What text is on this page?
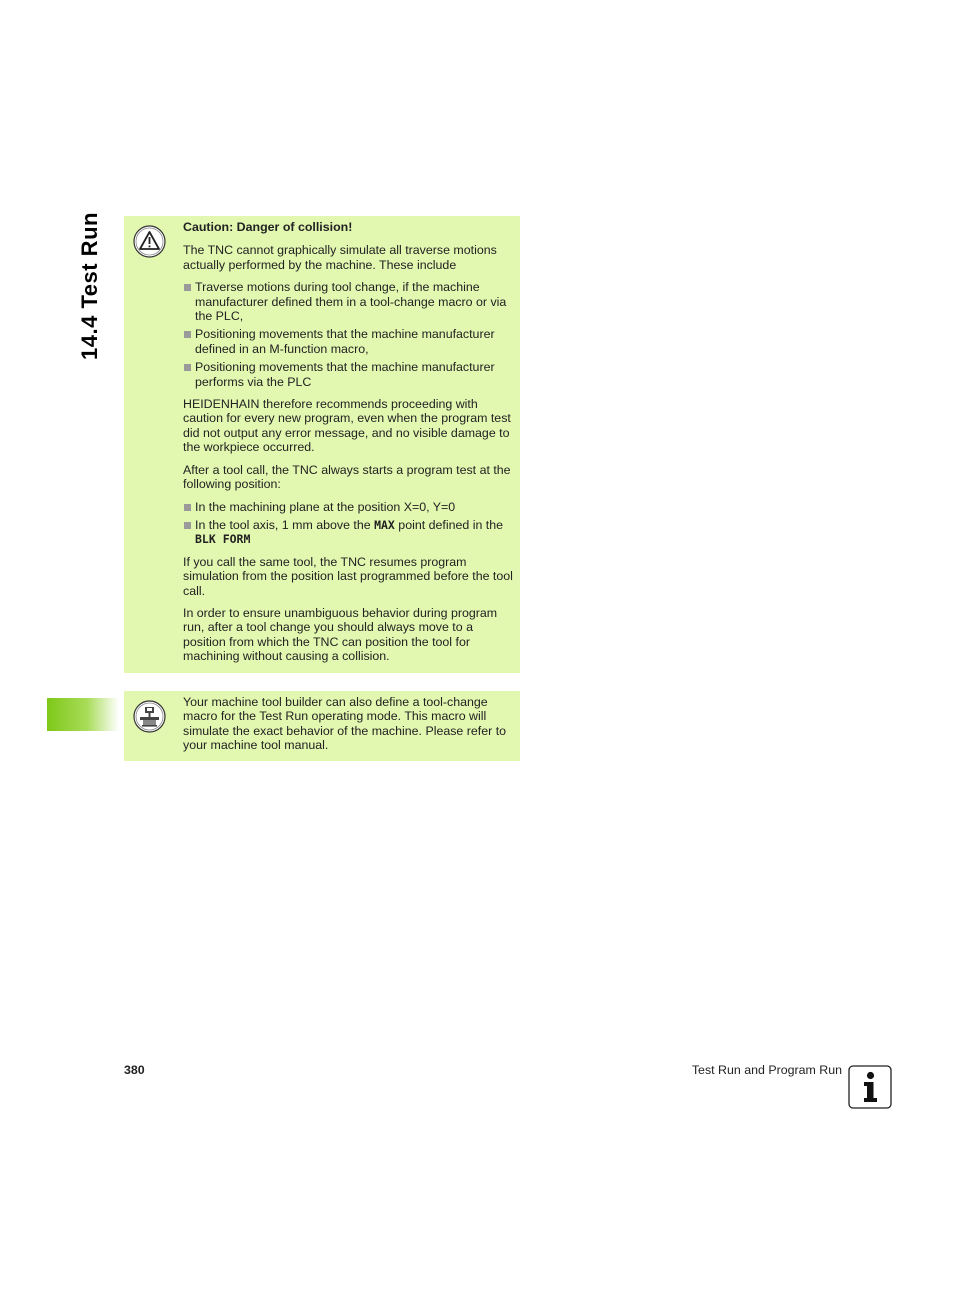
14.4 Test Run	Caution: Danger of collision!

The TNC cannot graphically simulate all traverse motions actually performed by the machine. These include

Traverse motions during tool change, if the machine manufacturer defined them in a tool-change macro or via the PLC,
Positioning movements that the machine manufacturer defined in an M-function macro,
Positioning movements that the machine manufacturer performs via the PLC

HEIDENHAIN therefore recommends proceeding with caution for every new program, even when the program test did not output any error message, and no visible damage to the workpiece occurred.

After a tool call, the TNC always starts a program test at the following position:

In the machining plane at the position X=0, Y=0
In the tool axis, 1 mm above the MAX point defined in the
BLK FORM

If you call the same tool, the TNC resumes program simulation from the position last programmed before the tool call.

In order to ensure unambiguous behavior during program run, after a tool change you should always move to a position from which the TNC can position the tool for machining without causing a collision.

Your machine tool builder can also define a tool-change macro for the Test Run operating mode. This macro will simulate the exact behavior of the machine. Please refer to your machine tool manual.

380	Test Run and Program Run
